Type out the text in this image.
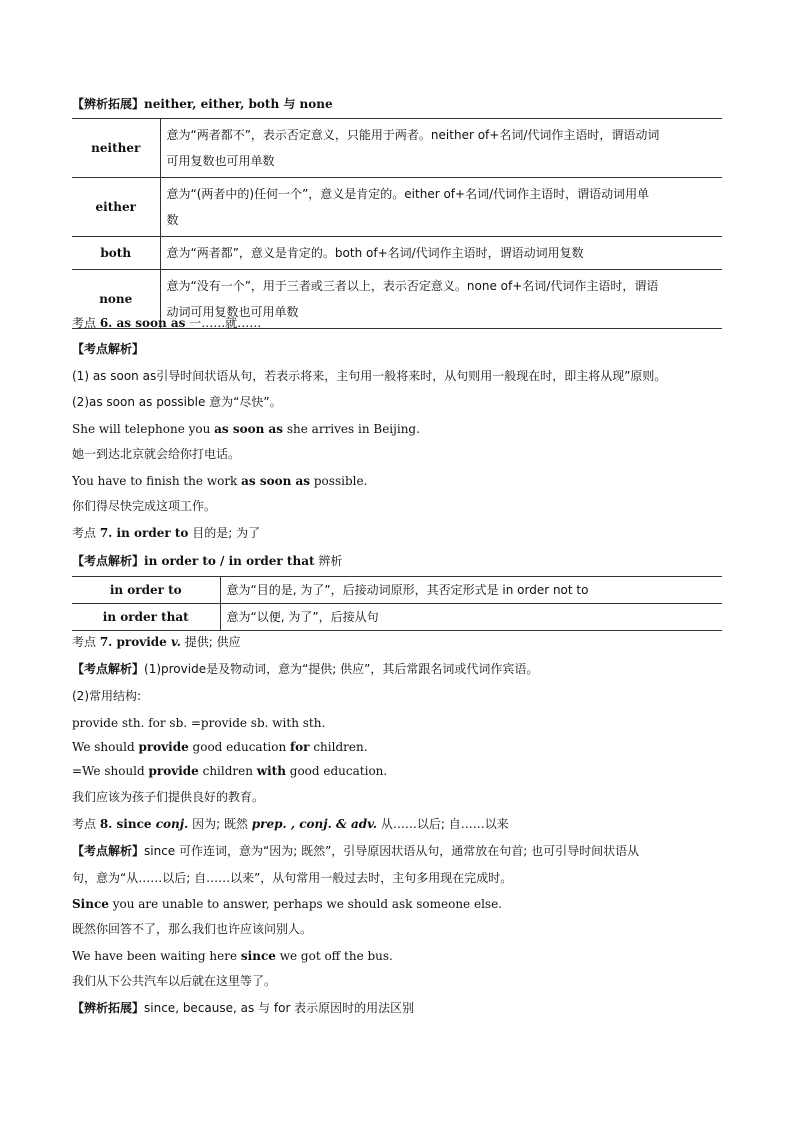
【辨析拓展】neither, either, both 与 none
neither	意为“两者都不”，表示否定意义，只能用于两者。neither of+名词/代词作主语时，谓语动词
可用复数也可用单数

either	意为“(两者中的)任何一个”，意义是肯定的。either of+名词/代词作主语时，谓语动词用单
数

both	意为“两者都”，意义是肯定的。both of+名词/代词作主语时，谓语动词用复数

none	意为“没有一个”，用于三者或三者以上，表示否定意义。none of+名词/代词作主语时，谓语
动词可用复数也可用单数
考点 6. as soon as 一……就……
【考点解析】
(1) as soon as引导时间状语从句，若表示将来，主句用一般将来时，从句则用一般现在时，即主将从现”原则。
(2)as soon as possible 意为“尽快”。
She will telephone you as soon as she arrives in Beijing.
她一到达北京就会给你打电话。
You have to finish the work as soon as possible.
你们得尽快完成这项工作。
考点 7. in order to 目的是; 为了
【考点解析】in order to / in order that 辨析
in order to	意为“目的是, 为了”，后接动词原形，其否定形式是 in order not to
in order that	意为“以便, 为了”，后接从句
考点 7. provide v. 提供; 供应
【考点解析】(1)provide是及物动词，意为“提供; 供应”，其后常跟名词或代词作宾语。
(2)常用结构:
provide sth. for sb. =provide sb. with sth.
We should provide good education for children.
=We should provide children with good education.
我们应该为孩子们提供良好的教育。
考点 8. since conj. 因为; 既然 prep. , conj. & adv. 从……以后; 自……以来
【考点解析】since 可作连词，意为“因为; 既然”，引导原因状语从句，通常放在句首; 也可引导时间状语从
句，意为“从……以后; 自……以来”，从句常用一般过去时，主句多用现在完成时。
Since you are unable to answer, perhaps we should ask someone else.
既然你回答不了，那么我们也许应该问别人。
We have been waiting here since we got off the bus.
我们从下公共汽车以后就在这里等了。
【辨析拓展】since, because, as 与 for 表示原因时的用法区别
